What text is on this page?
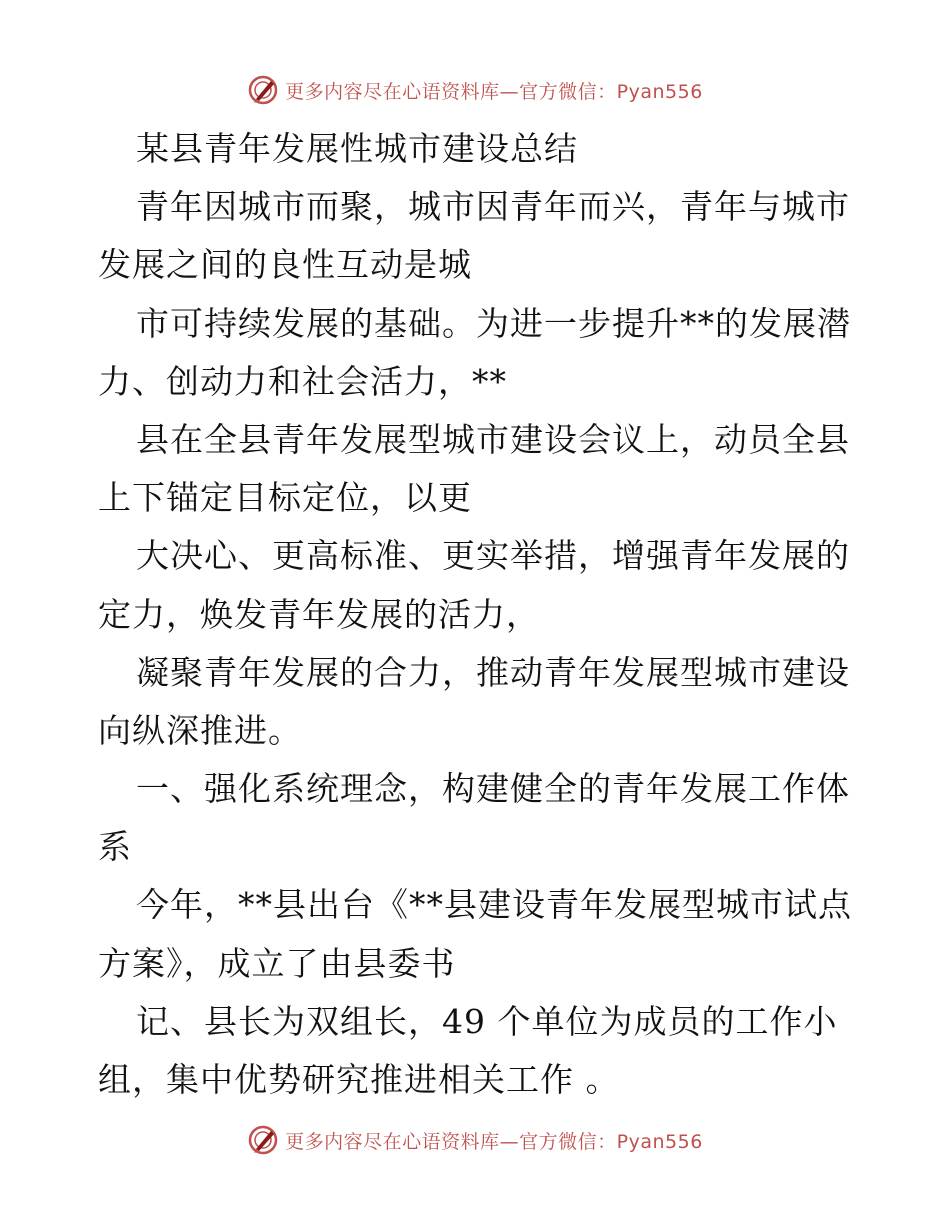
更多内容尽在心语资料库—官方微信：Pyan556
某县青年发展性城市建设总结
青年因城市而聚，城市因青年而兴，青年与城市
发展之间的良性互动是城
市可持续发展的基础。为进一步提升**的发展潜
力、创动力和社会活力，**
县在全县青年发展型城市建设会议上，动员全县
上下锚定目标定位，以更
大决心、更高标准、更实举措，增强青年发展的
定力，焕发青年发展的活力，
凝聚青年发展的合力，推动青年发展型城市建设
向纵深推进。
一、强化系统理念，构建健全的青年发展工作体
系
今年，**县出台《**县建设青年发展型城市试点
方案》，成立了由县委书
记、县长为双组长，49 个单位为成员的工作小
组，集中优势研究推进相关工作 。
更多内容尽在心语资料库—官方微信：Pyan556
